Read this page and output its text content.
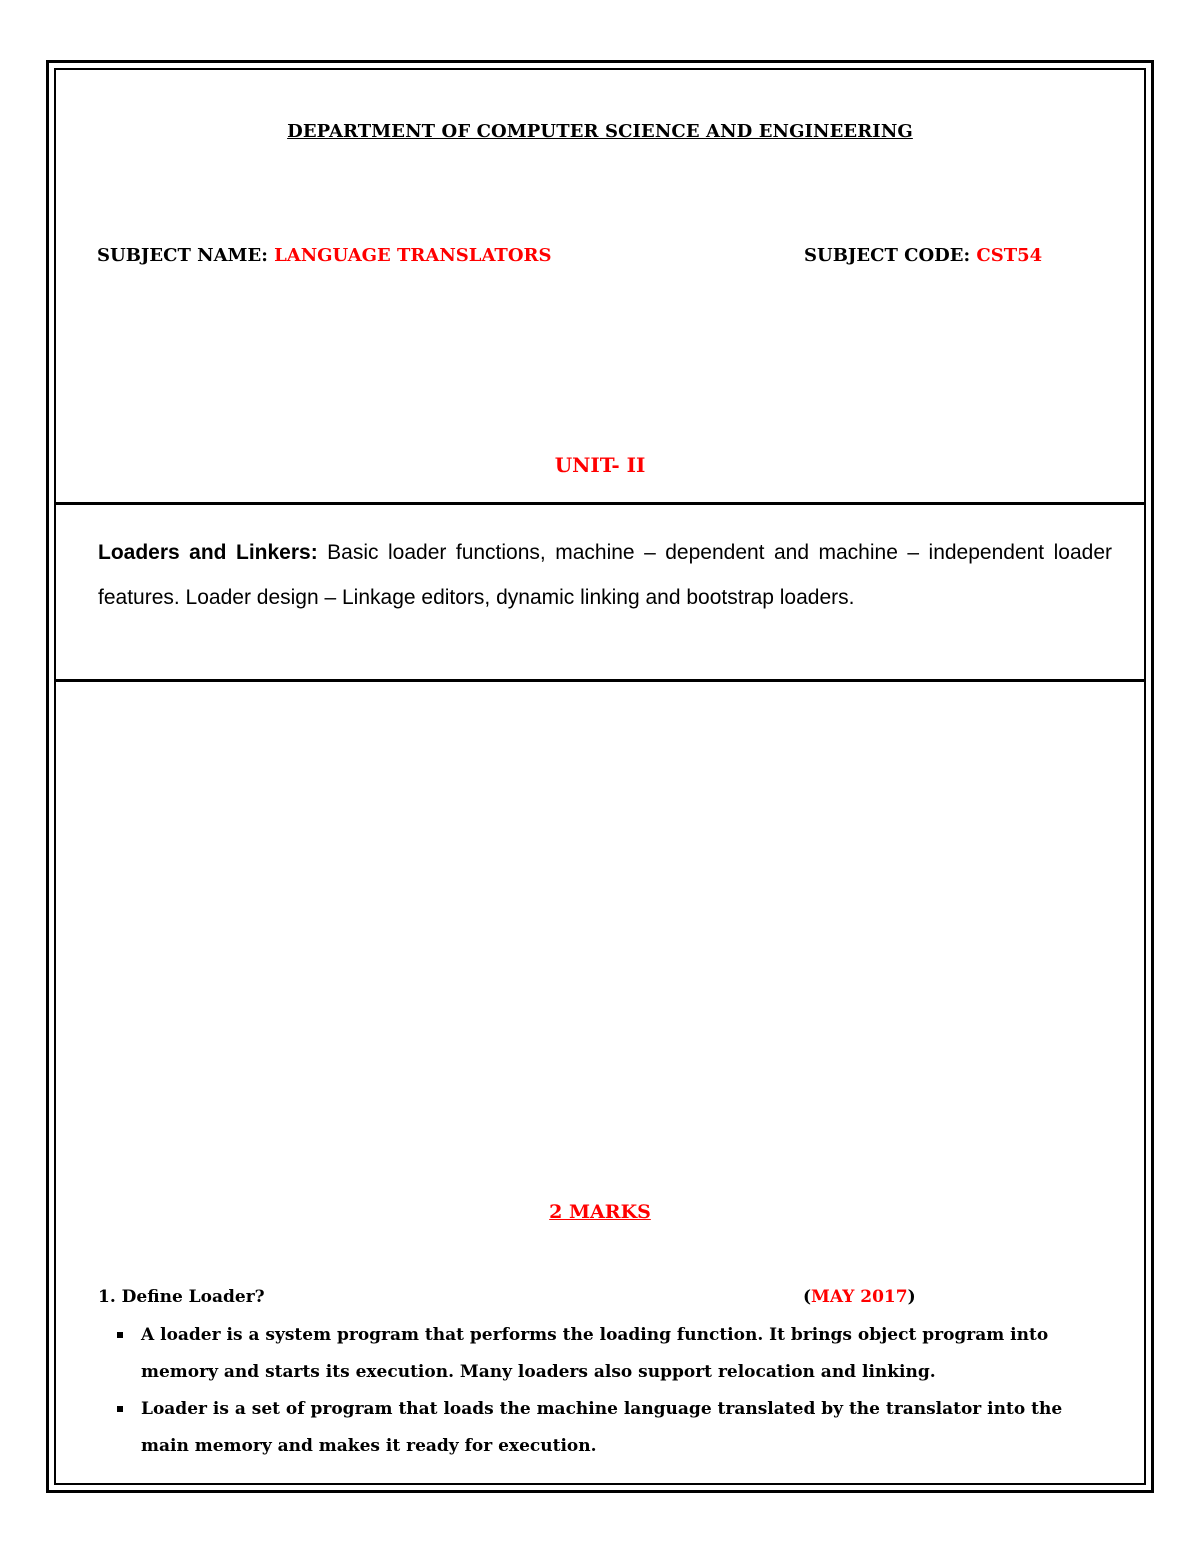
DEPARTMENT OF COMPUTER SCIENCE AND ENGINEERING
SUBJECT NAME: LANGUAGE TRANSLATORS	SUBJECT CODE: CST54
UNIT- II
Loaders and Linkers: Basic loader functions, machine – dependent and machine – independent loader features. Loader design – Linkage editors, dynamic linking and bootstrap loaders.
2 MARKS
1. Define Loader?	(MAY 2017)
A loader is a system program that performs the loading function. It brings object program into memory and starts its execution. Many loaders also support relocation and linking.
Loader is a set of program that loads the machine language translated by the translator into the main memory and makes it ready for execution.
